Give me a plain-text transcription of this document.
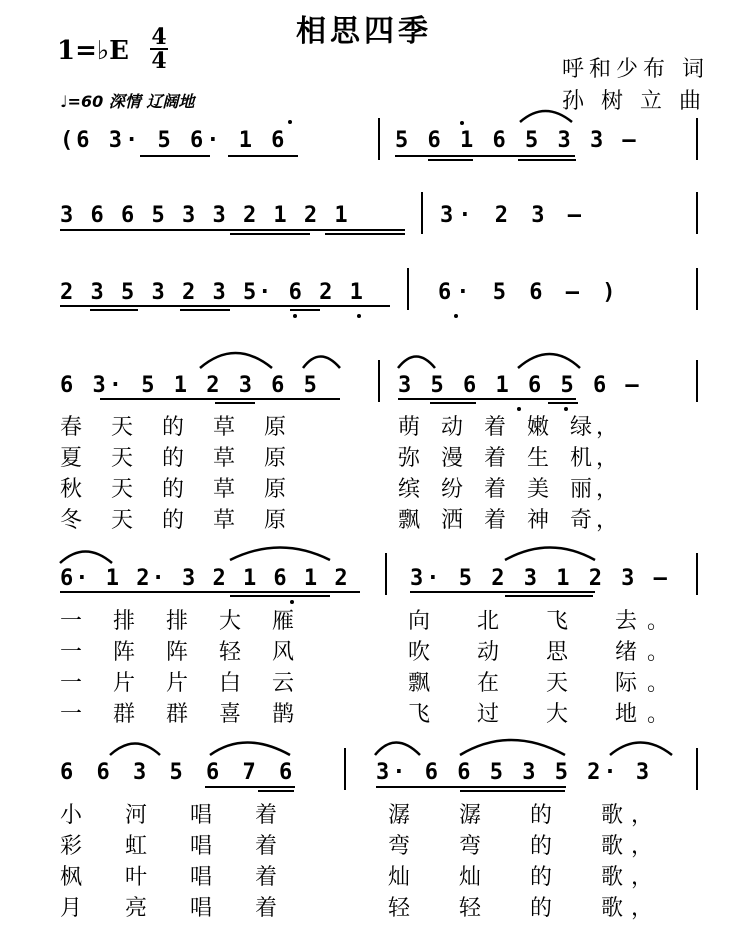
相思四季
1=♭E 4
4	呼和少布 词
孙 树 立 曲
♩=60 深情 辽阔地
(6 3· 5 6· 1 6	5 6 1 6 5 3 3 –
3 6 6 5 3 3 2 1 2 1	3· 2 3 –
2 3 5 3 2 3 5· 6 2 1	6· 5 6 – )
6 3· 5 1 2 3 6 5	3 5 6 1 6 5 6 –
6· 1 2· 3 2 1 6 1 2	3· 5 2 3 1 2 3 –
6 6 3 5 6 7 6	3· 6 6 5 3 5 2· 3
春 天 的 草 原
夏 天 的 草 原
秋 天 的 草 原
冬 天 的 草 原
萌 动 着 嫩 绿，
弥 漫 着 生 机，
缤 纷 着 美 丽，
飘 洒 着 神 奇，
一 排 排 大 雁
一 阵 阵 轻 风
一 片 片 白 云
一 群 群 喜 鹊
向 北 飞 去。
吹 动 思 绪。
飘 在 天 际。
飞 过 大 地。
小 河 唱 着
彩 虹 唱 着
枫 叶 唱 着
月 亮 唱 着
潺 潺 的 歌，
弯 弯 的 歌，
灿 灿 的 歌，
轻 轻 的 歌，
